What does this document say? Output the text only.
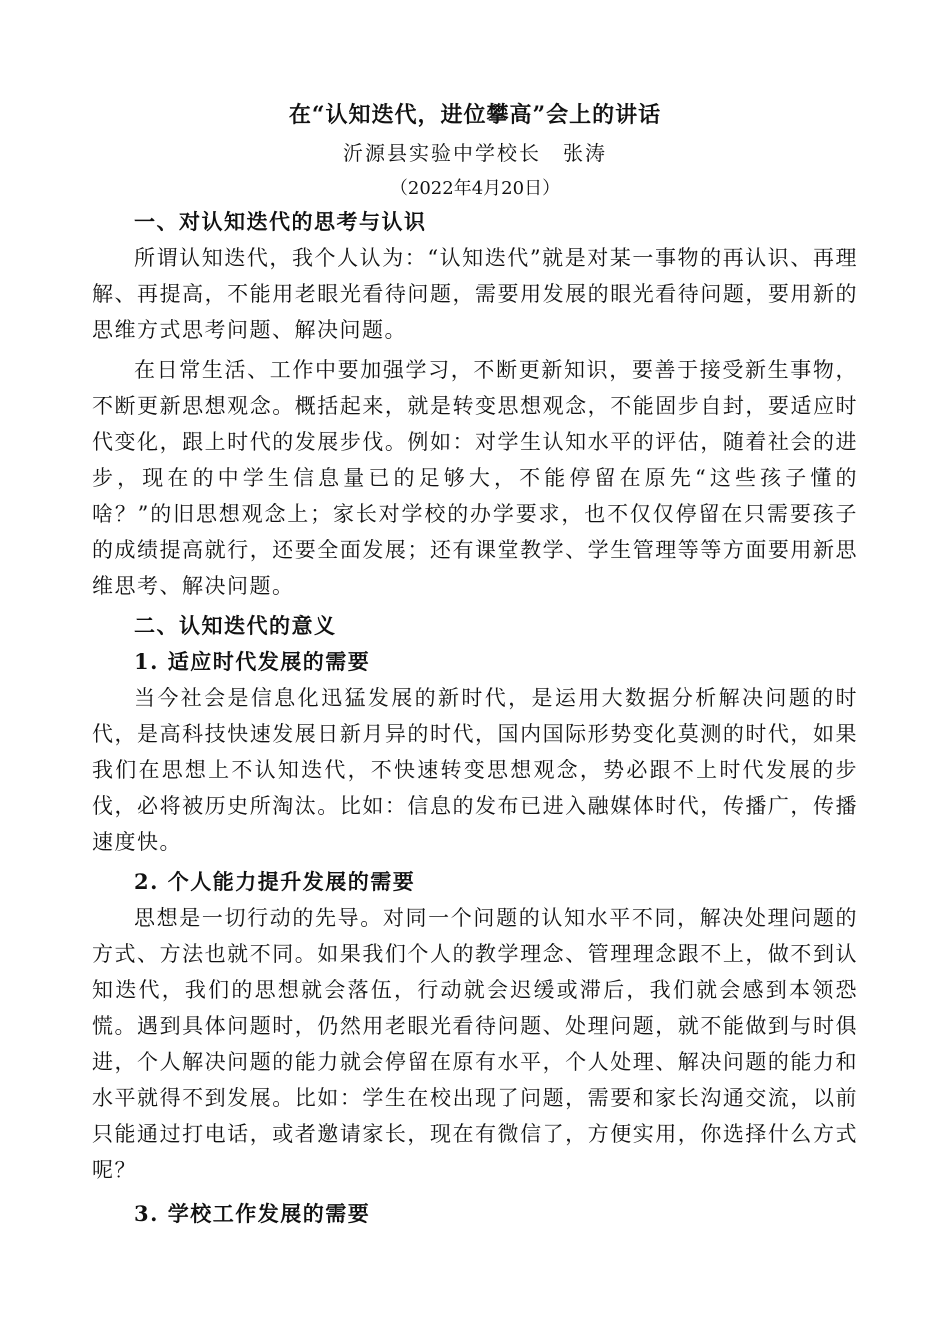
在“认知迭代，进位攀高”会上的讲话
沂源县实验中学校长　张涛
（2022年4月20日）

一、对认知迭代的思考与认识

所谓认知迭代，我个人认为：“认知迭代”就是对某一事物的再认识、再理解、再提高，不能用老眼光看待问题，需要用发展的眼光看待问题，要用新的思维方式思考问题、解决问题。

在日常生活、工作中要加强学习，不断更新知识，要善于接受新生事物，不断更新思想观念。概括起来，就是转变思想观念，不能固步自封，要适应时代变化，跟上时代的发展步伐。例如：对学生认知水平的评估，随着社会的进步，现在的中学生信息量已的足够大，不能停留在原先“这些孩子懂的啥？”的旧思想观念上；家长对学校的办学要求，也不仅仅停留在只需要孩子的成绩提高就行，还要全面发展；还有课堂教学、学生管理等等方面要用新思维思考、解决问题。

二、认知迭代的意义

1. 适应时代发展的需要

当今社会是信息化迅猛发展的新时代，是运用大数据分析解决问题的时代，是高科技快速发展日新月异的时代，国内国际形势变化莫测的时代，如果我们在思想上不认知迭代，不快速转变思想观念，势必跟不上时代发展的步伐，必将被历史所淘汰。比如：信息的发布已进入融媒体时代，传播广，传播速度快。

2. 个人能力提升发展的需要

思想是一切行动的先导。对同一个问题的认知水平不同，解决处理问题的方式、方法也就不同。如果我们个人的教学理念、管理理念跟不上，做不到认知迭代，我们的思想就会落伍，行动就会迟缓或滞后，我们就会感到本领恐慌。遇到具体问题时，仍然用老眼光看待问题、处理问题，就不能做到与时俱进，个人解决问题的能力就会停留在原有水平，个人处理、解决问题的能力和水平就得不到发展。比如：学生在校出现了问题，需要和家长沟通交流，以前只能通过打电话，或者邀请家长，现在有微信了，方便实用，你选择什么方式呢？

3. 学校工作发展的需要
